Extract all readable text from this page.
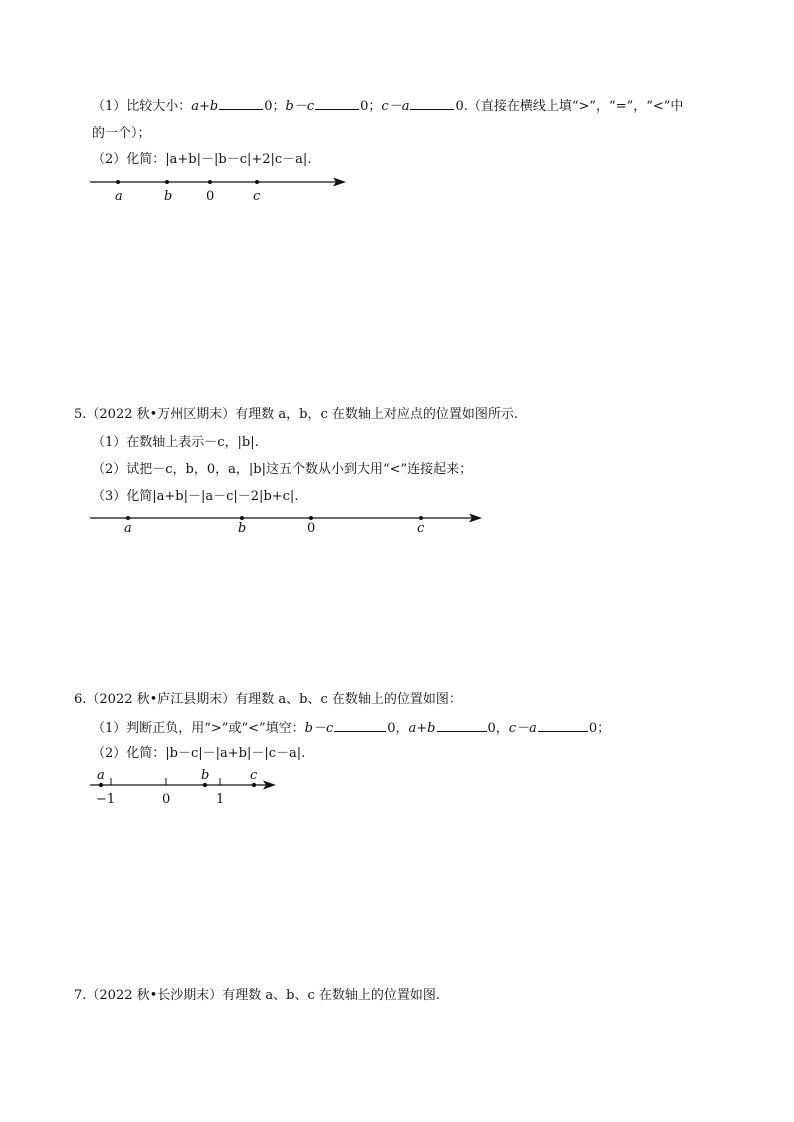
（1）比较大小：a+b	0；b－c	0；c－a	0.（直接在横线上填“>”，“=”，“<”中
的一个）；
（2）化简：|a+b|－|b－c|+2|c－a|.
a	b	0	c
5.（2022 秋•万州区期末）有理数 a，b，c 在数轴上对应点的位置如图所示.
（1）在数轴上表示－c，|b|.
（2）试把－c，b，0，a，|b|这五个数从小到大用“<”连接起来；
（3）化简|a+b|－|a－c|－2|b+c|.
a	b	0	c
6.（2022 秋•庐江县期末）有理数 a、b、c 在数轴上的位置如图：
（1）判断正负，用“>”或“<”填空：b－c	0，a+b	0，c－a	0；
（2）化简：|b－c|－|a+b|－|c－a|.
a	b	c
−1	0	1
7.（2022 秋•长沙期末）有理数 a、b、c 在数轴上的位置如图.
